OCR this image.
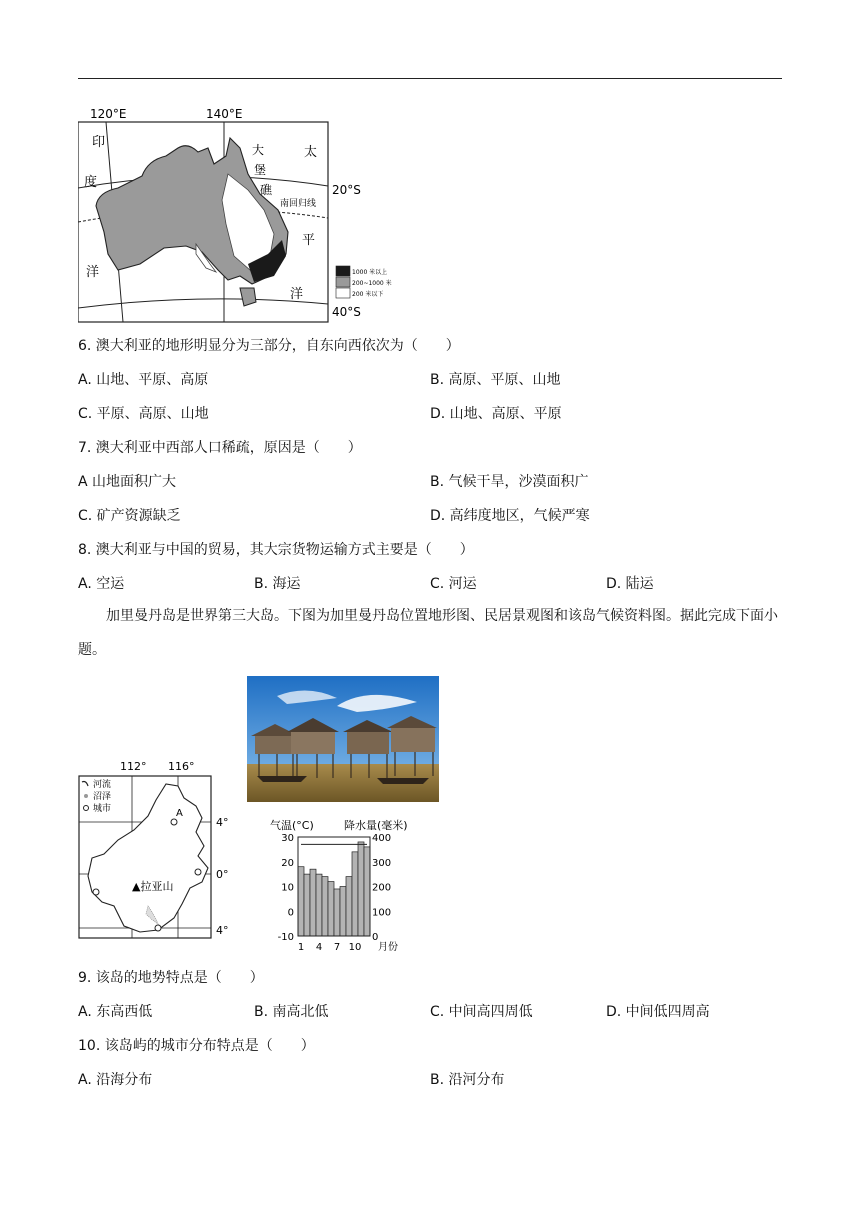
120°E	140°E
20°S
40°S
印
度
洋
太
平
洋
大
堡
礁
南回归线
1000 米以上
200~1000 米
200 米以下
6. 澳大利亚的地形明显分为三部分，自东向西依次为（　　）
A. 山地、平原、高原	B. 高原、平原、山地
C. 平原、高原、山地	D. 山地、高原、平原
7. 澳大利亚中西部人口稀疏，原因是（　　）
A 山地面积广大	B. 气候干旱，沙漠面积广
C. 矿产资源缺乏	D. 高纬度地区，气候严寒
8. 澳大利亚与中国的贸易，其大宗货物运输方式主要是（　　）
A. 空运	B. 海运	C. 河运	D. 陆运
加里曼丹岛是世界第三大岛。下图为加里曼丹岛位置地形图、民居景观图和该岛气候资料图。据此完成下面小题。
112° 116°
4°
0°
4°
A
▲拉亚山
河流
沼泽
城市
气温(°C)	降水量(毫米)
30
20
10
0
-10
400
300
200
100
0
1 4 7 10 月份
9. 该岛的地势特点是（　　）
A. 东高西低	B. 南高北低	C. 中间高四周低	D. 中间低四周高
10. 该岛屿的城市分布特点是（　　）
A. 沿海分布	B. 沿河分布
